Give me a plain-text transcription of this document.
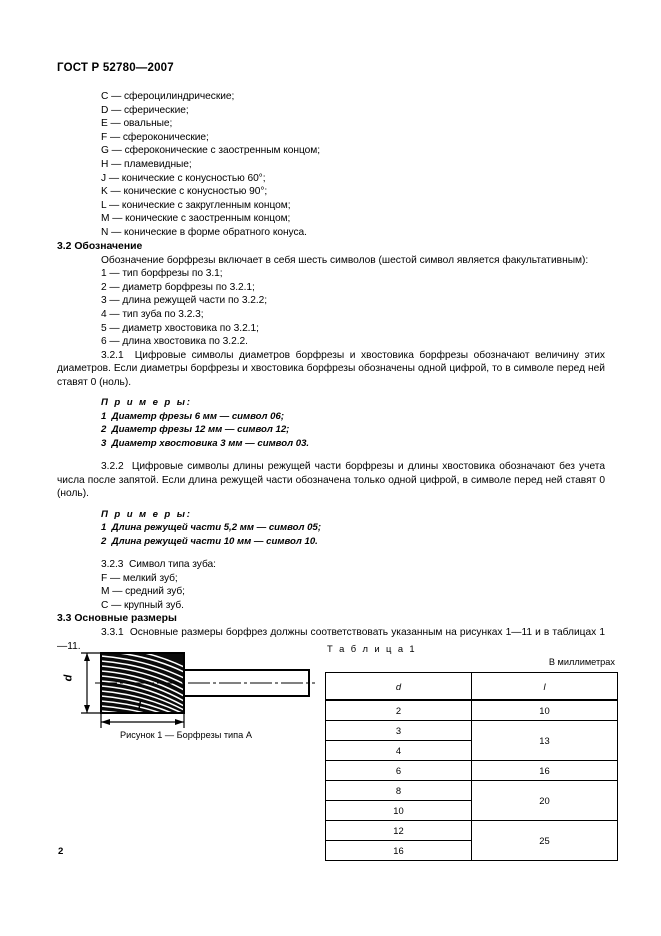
ГОСТ Р 52780—2007
C — сфероцилиндрические;
D — сферические;
E — овальные;
F — сфероконические;
G — сфероконические с заостренным концом;
H — пламевидные;
J — конические с конусностью 60°;
K — конические с конусностью 90°;
L — конические с закругленным концом;
M — конические с заостренным концом;
N — конические в форме обратного конуса.
3.2 Обозначение
Обозначение борфрезы включает в себя шесть символов (шестой символ является факультативным):
1 — тип борфрезы по 3.1;
2 — диаметр борфрезы по 3.2.1;
3 — длина режущей части по 3.2.2;
4 — тип зуба по 3.2.3;
5 — диаметр хвостовика по 3.2.1;
6 — длина хвостовика по 3.2.2.
3.2.1  Цифровые символы диаметров борфрезы и хвостовика борфрезы обозначают величину этих диаметров. Если диаметры борфрезы и хвостовика борфрезы обозначены одной цифрой, то в символе перед ней ставят 0 (ноль).
П р и м е р ы:
1  Диаметр фрезы 6 мм — символ 06;
2  Диаметр фрезы 12 мм — символ 12;
3  Диаметр хвостовика 3 мм — символ 03.
3.2.2  Цифровые символы длины режущей части борфрезы и длины хвостовика обозначают без учета числа после запятой. Если длина режущей части обозначена только одной цифрой, в символе перед ней ставят 0 (ноль).
П р и м е р ы:
1  Длина режущей части 5,2 мм — символ 05;
2  Длина режущей части 10 мм — символ 10.
3.2.3  Символ типа зуба:
F — мелкий зуб;
M — средний зуб;
C — крупный зуб.
3.3 Основные размеры
3.3.1  Основные размеры борфрез должны соответствовать указанным на рисунках 1—11 и в таблицах 1—11.
d
l
Рисунок 1 — Борфрезы типа А
Т а б л и ц а 1
В миллиметрах
d	l
2	10
3	13
4	
6	16
8	20
10	
12	25
16	
2
